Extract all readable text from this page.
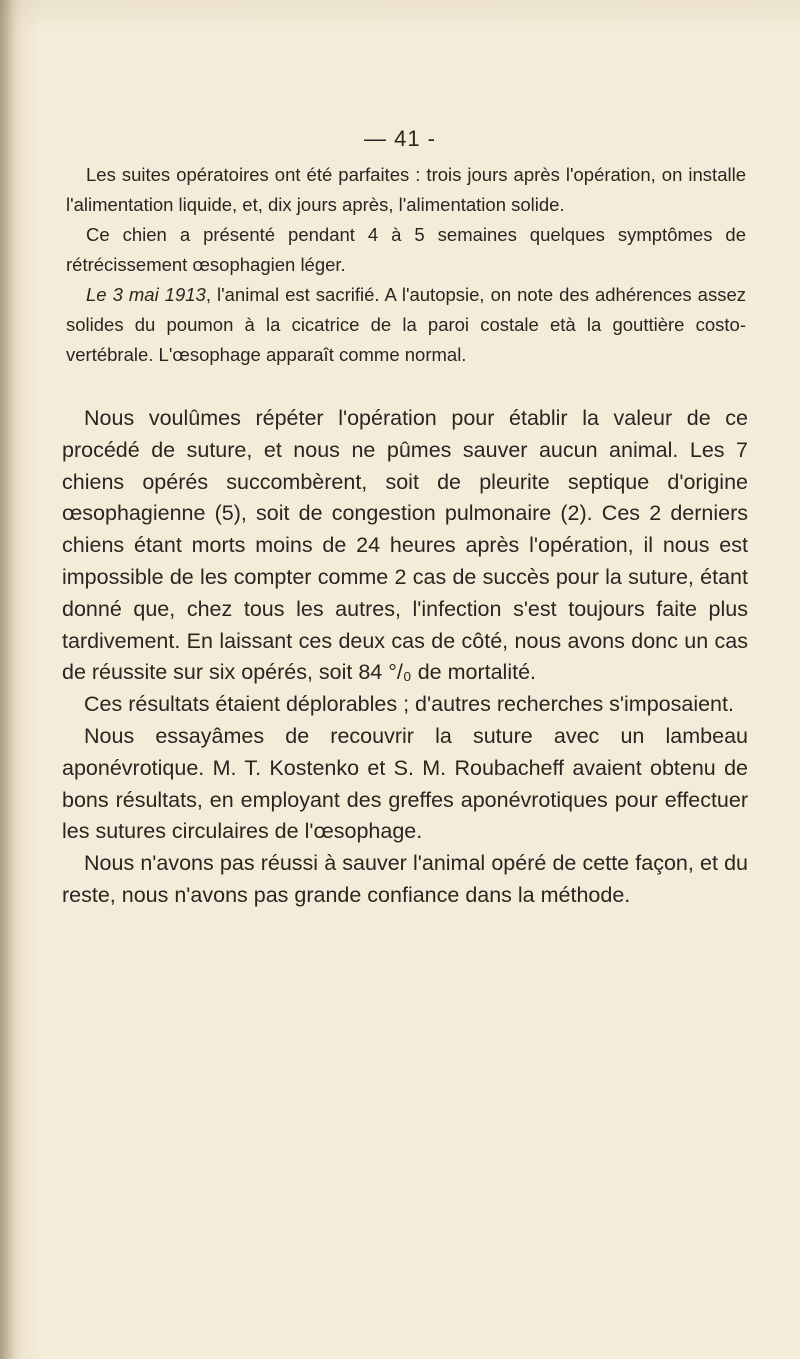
— 41 -

Les suites opératoires ont été parfaites : trois jours après l'opération, on installe l'alimentation liquide, et, dix jours après, l'alimentation solide.

Ce chien a présenté pendant 4 à 5 semaines quelques symptômes de rétrécissement œsophagien léger.

Le 3 mai 1913, l'animal est sacrifié. A l'autopsie, on note des adhérences assez solides du poumon à la cicatrice de la paroi costale età la gouttière costo-vertébrale. L'œsophage apparaît comme normal.

Nous voulûmes répéter l'opération pour établir la valeur de ce procédé de suture, et nous ne pûmes sauver aucun animal. Les 7 chiens opérés succombèrent, soit de pleurite septique d'origine œsophagienne (5), soit de congestion pulmonaire (2). Ces 2 derniers chiens étant morts moins de 24 heures après l'opération, il nous est impossible de les compter comme 2 cas de succès pour la suture, étant donné que, chez tous les autres, l'infection s'est toujours faite plus tardivement. En laissant ces deux cas de côté, nous avons donc un cas de réussite sur six opérés, soit 84 °/₀ de mortalité.

Ces résultats étaient déplorables ; d'autres recherches s'imposaient.

Nous essayâmes de recouvrir la suture avec un lambeau aponévrotique. M. T. Kostenko et S. M. Roubacheff avaient obtenu de bons résultats, en employant des greffes aponévrotiques pour effectuer les sutures circulaires de l'œsophage.

Nous n'avons pas réussi à sauver l'animal opéré de cette façon, et du reste, nous n'avons pas grande confiance dans la méthode.
